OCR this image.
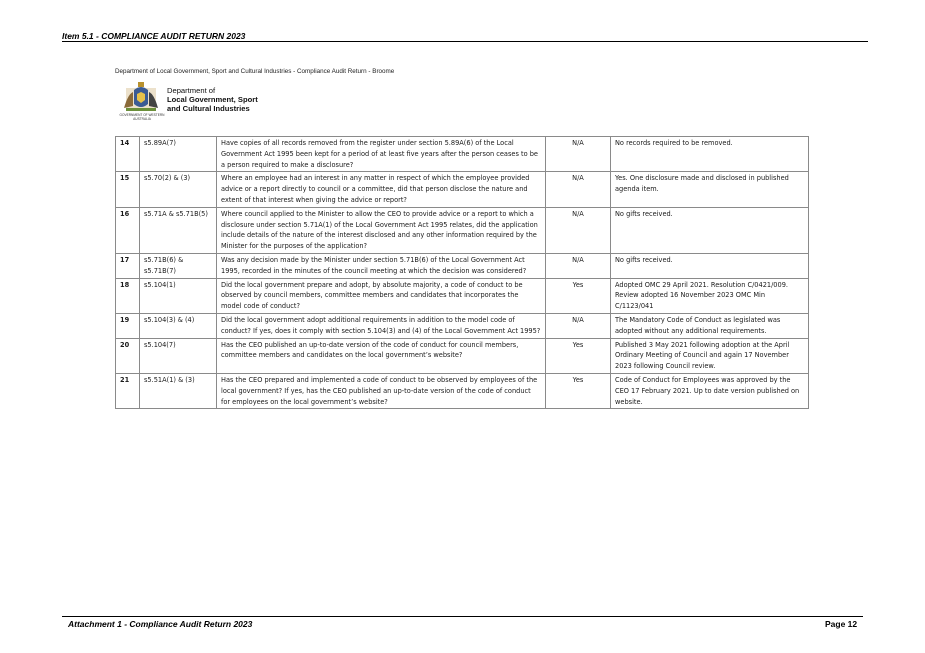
Item 5.1 - COMPLIANCE AUDIT RETURN 2023
Department of Local Government, Sport and Cultural Industries - Compliance Audit Return - Broome
GOVERNMENT OF WESTERN AUSTRALIA
Department of
Local Government, Sport
and Cultural Industries
14	s5.89A(7)	Have copies of all records removed from the register under section 5.89A(6) of the Local Government Act 1995 been kept for a period of at least five years after the person ceases to be a person required to make a disclosure?	N/A	No records required to be removed.
15	s5.70(2) & (3)	Where an employee had an interest in any matter in respect of which the employee provided advice or a report directly to council or a committee, did that person disclose the nature and extent of that interest when giving the advice or report?	N/A	Yes. One disclosure made and disclosed in published agenda item.
16	s5.71A & s5.71B(5)	Where council applied to the Minister to allow the CEO to provide advice or a report to which a disclosure under section 5.71A(1) of the Local Government Act 1995 relates, did the application include details of the nature of the interest disclosed and any other information required by the Minister for the purposes of the application?	N/A	No gifts received.
17	s5.71B(6) & s5.71B(7)	Was any decision made by the Minister under section 5.71B(6) of the Local Government Act 1995, recorded in the minutes of the council meeting at which the decision was considered?	N/A	No gifts received.
18	s5.104(1)	Did the local government prepare and adopt, by absolute majority, a code of conduct to be observed by council members, committee members and candidates that incorporates the model code of conduct?	Yes	Adopted OMC 29 April 2021. Resolution C/0421/009. Review adopted 16 November 2023 OMC Min C/1123/041
19	s5.104(3) & (4)	Did the local government adopt additional requirements in addition to the model code of conduct? If yes, does it comply with section 5.104(3) and (4) of the Local Government Act 1995?	N/A	The Mandatory Code of Conduct as legislated was adopted without any additional requirements.
20	s5.104(7)	Has the CEO published an up-to-date version of the code of conduct for council members, committee members and candidates on the local government’s website?	Yes	Published 3 May 2021 following adoption at the April Ordinary Meeting of Council and again 17 November 2023 following Council review.
21	s5.51A(1) & (3)	Has the CEO prepared and implemented a code of conduct to be observed by employees of the local government? If yes, has the CEO published an up-to-date version of the code of conduct for employees on the local government’s website?	Yes	Code of Conduct for Employees was approved by the CEO 17 February 2021. Up to date version published on website.
Attachment 1 - Compliance Audit Return 2023	Page 12
